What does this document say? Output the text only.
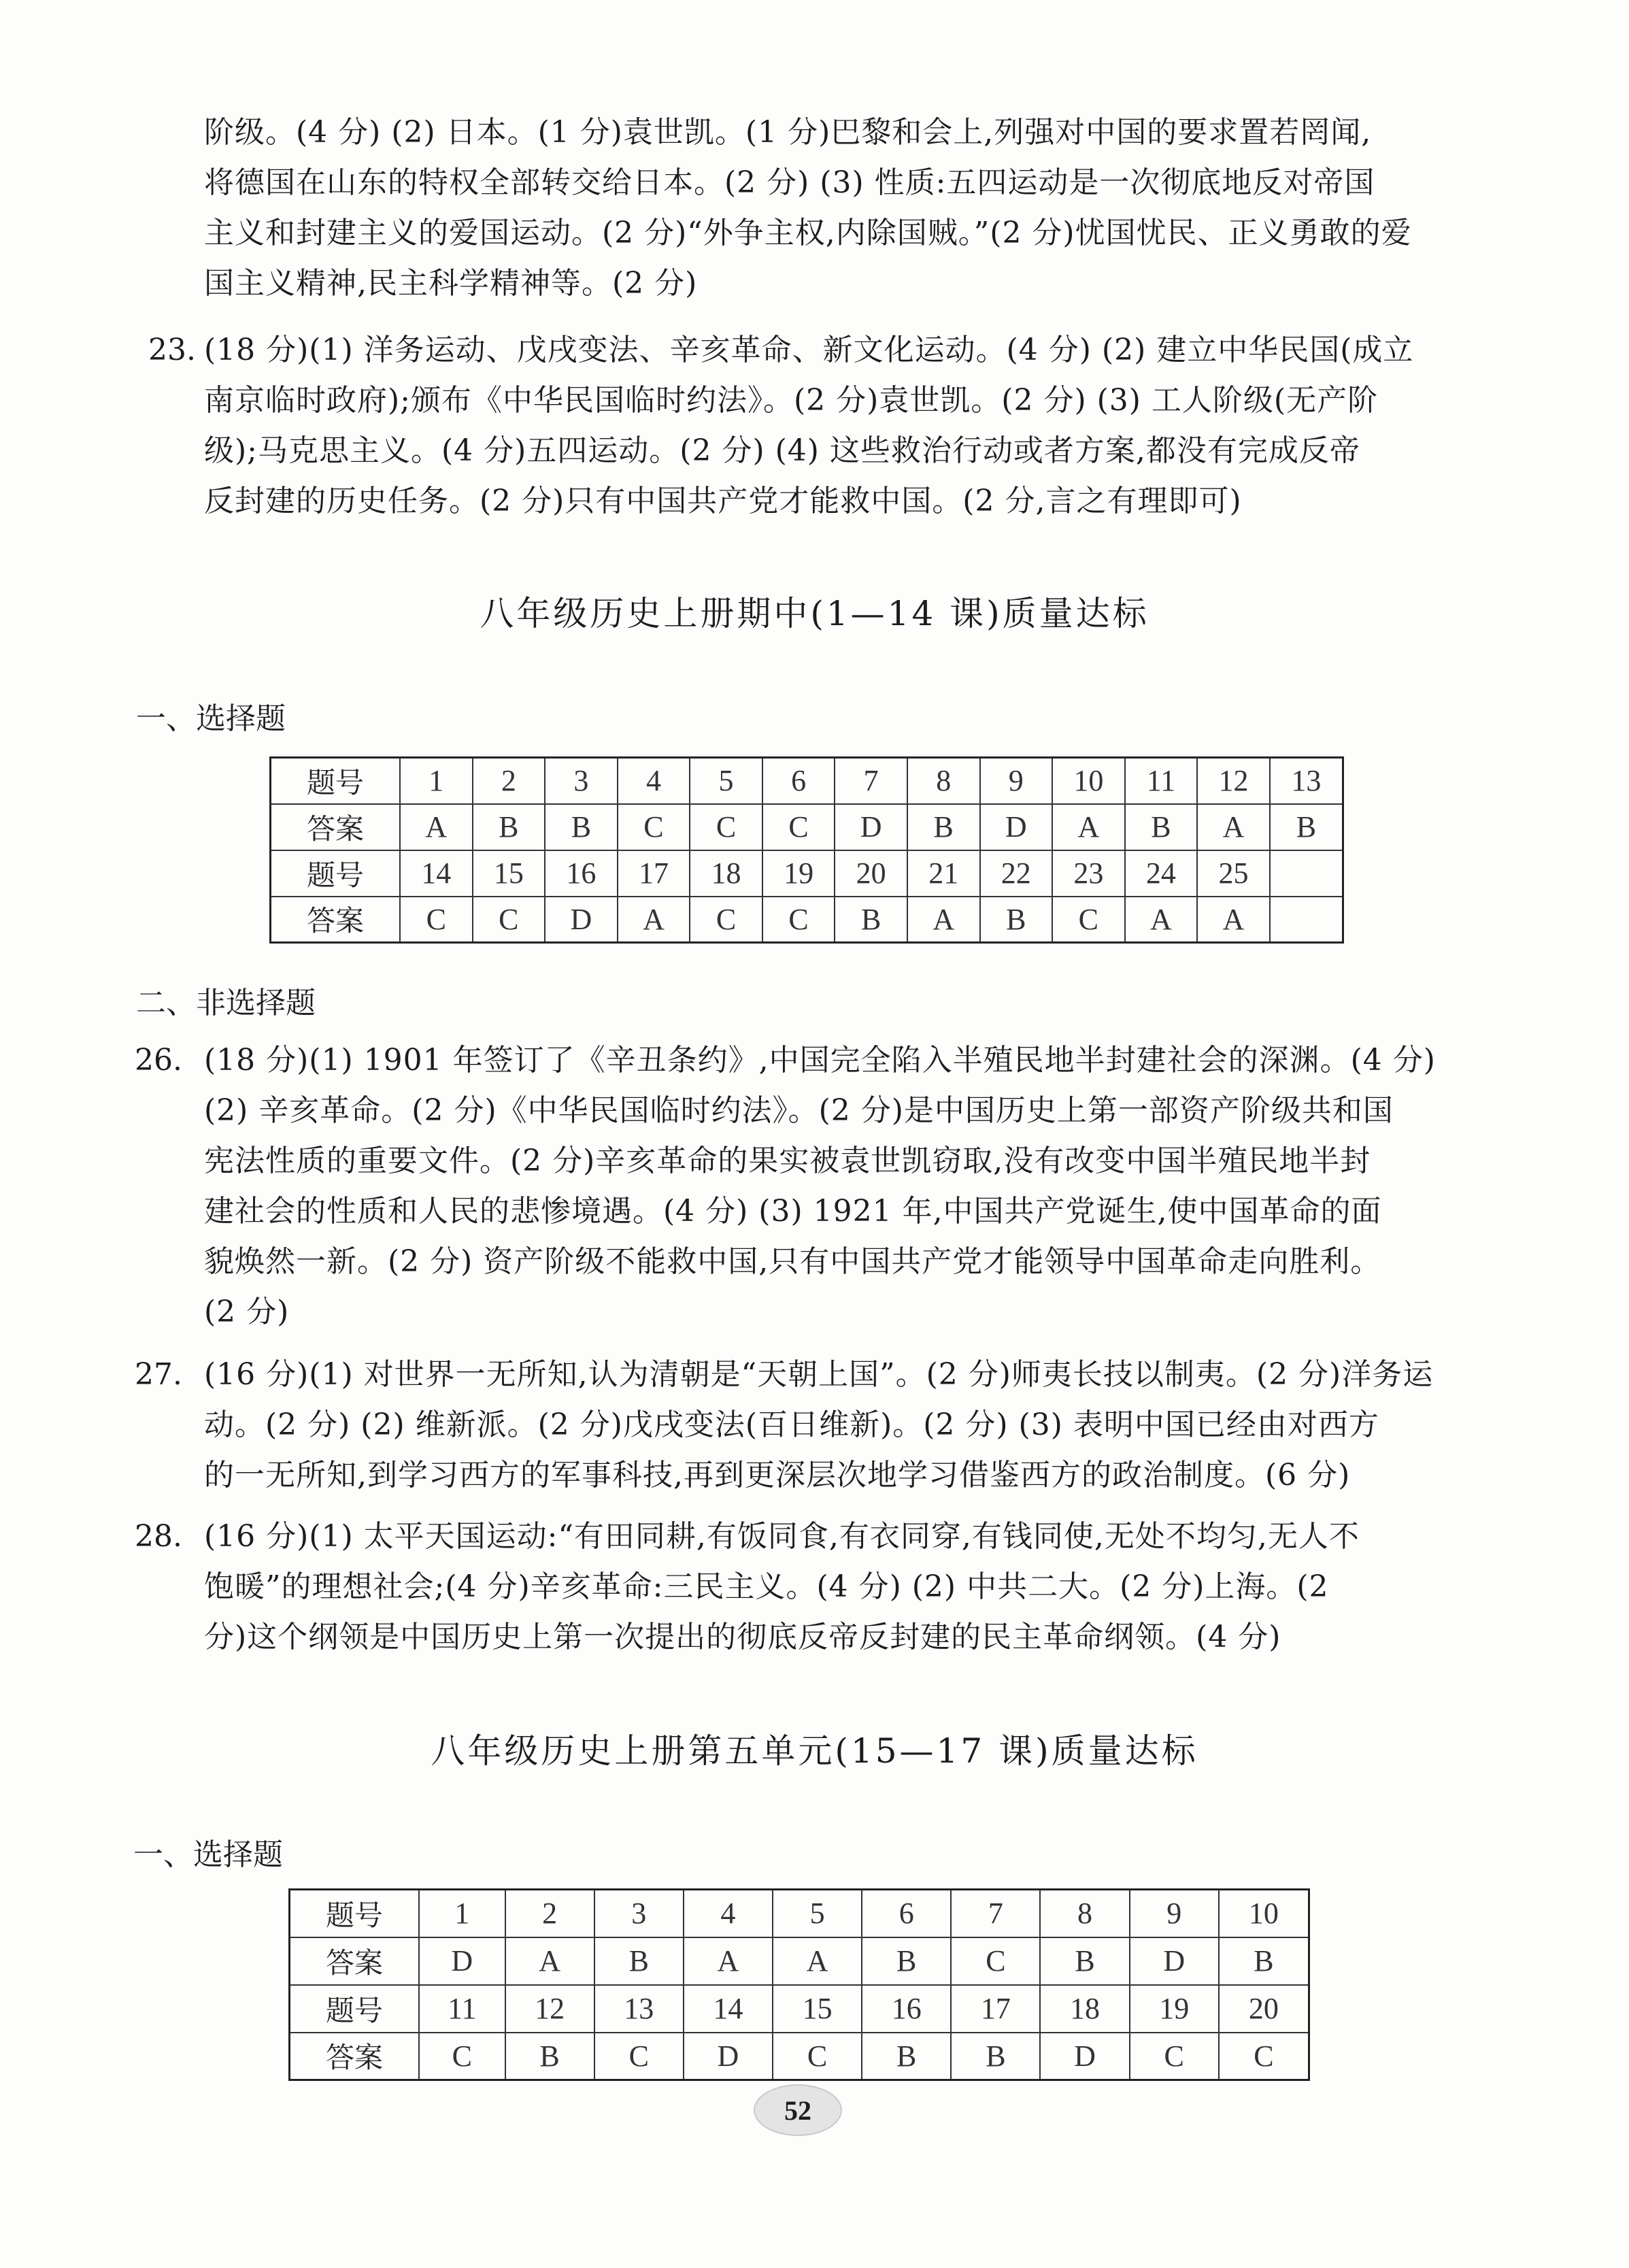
阶级。(4 分) (2) 日本。(1 分)袁世凯。(1 分)巴黎和会上,列强对中国的要求置若罔闻,
将德国在山东的特权全部转交给日本。(2 分) (3) 性质:五四运动是一次彻底地反对帝国
主义和封建主义的爱国运动。(2 分)“外争主权,内除国贼。”(2 分)忧国忧民、正义勇敢的爱
国主义精神,民主科学精神等。(2 分)
23. (18 分)(1) 洋务运动、戊戌变法、辛亥革命、新文化运动。(4 分) (2) 建立中华民国(成立
南京临时政府);颁布《中华民国临时约法》。(2 分)袁世凯。(2 分) (3) 工人阶级(无产阶
级);马克思主义。(4 分)五四运动。(2 分) (4) 这些救治行动或者方案,都没有完成反帝
反封建的历史任务。(2 分)只有中国共产党才能救中国。(2 分,言之有理即可)
八年级历史上册期中(1—14 课)质量达标
一、选择题
题号	1	2	3	4	5	6	7	8	9	10	11	12	13
答案	A	B	B	C	C	C	D	B	D	A	B	A	B
题号	14	15	16	17	18	19	20	21	22	23	24	25	
答案	C	C	D	A	C	C	B	A	B	C	A	A	
二、非选择题
26. (18 分)(1) 1901 年签订了《辛丑条约》,中国完全陷入半殖民地半封建社会的深渊。(4 分)
(2) 辛亥革命。(2 分)《中华民国临时约法》。(2 分)是中国历史上第一部资产阶级共和国
宪法性质的重要文件。(2 分)辛亥革命的果实被袁世凯窃取,没有改变中国半殖民地半封
建社会的性质和人民的悲惨境遇。(4 分) (3) 1921 年,中国共产党诞生,使中国革命的面
貌焕然一新。(2 分) 资产阶级不能救中国,只有中国共产党才能领导中国革命走向胜利。
(2 分)
27. (16 分)(1) 对世界一无所知,认为清朝是“天朝上国”。(2 分)师夷长技以制夷。(2 分)洋务运
动。(2 分) (2) 维新派。(2 分)戊戌变法(百日维新)。(2 分) (3) 表明中国已经由对西方
的一无所知,到学习西方的军事科技,再到更深层次地学习借鉴西方的政治制度。(6 分)
28. (16 分)(1) 太平天国运动:“有田同耕,有饭同食,有衣同穿,有钱同使,无处不均匀,无人不
饱暖”的理想社会;(4 分)辛亥革命:三民主义。(4 分) (2) 中共二大。(2 分)上海。(2
分)这个纲领是中国历史上第一次提出的彻底反帝反封建的民主革命纲领。(4 分)
八年级历史上册第五单元(15—17 课)质量达标
一、选择题
题号	1	2	3	4	5	6	7	8	9	10
答案	D	A	B	A	A	B	C	B	D	B
题号	11	12	13	14	15	16	17	18	19	20
答案	C	B	C	D	C	B	B	D	C	C
52
